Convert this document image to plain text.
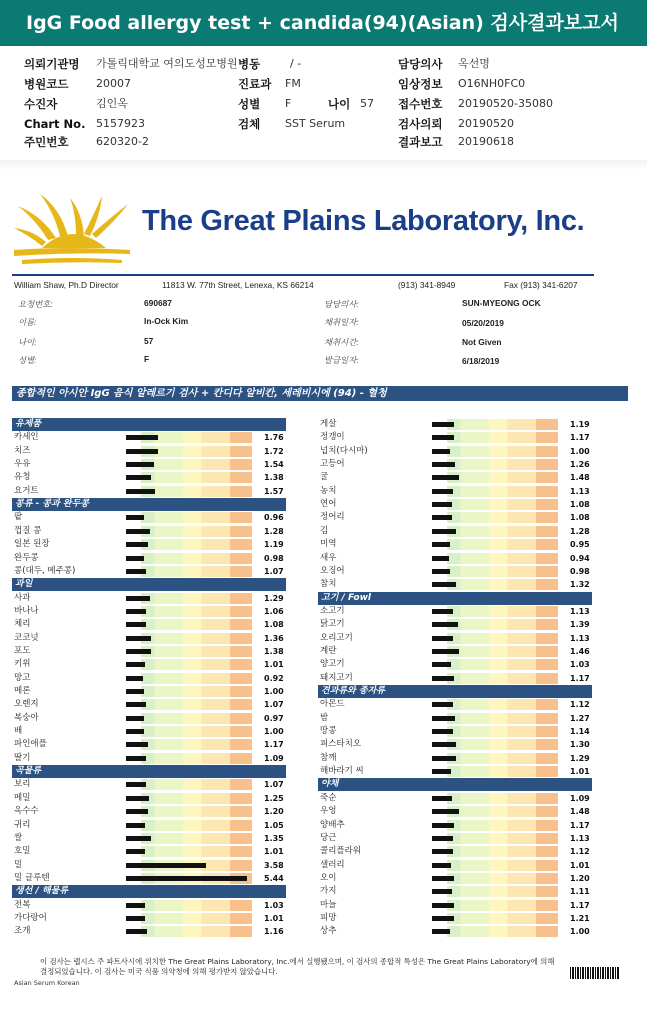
IgG Food allergy test + candida(94)(Asian) 검사결과보고서
의뢰기관명 가톨릭대학교 여의도성모병원 병동	/ -	담당의사 옥선명
병원코드	20007	진료과 FM	임상정보 O16NH0FC0
수진자	김인옥	성별 F	나이 57 접수번호 20190520-35080
Chart No. 5157923	검체 SST Serum	검사의뢰 20190520
주민번호	620320-2	결과보고 20190618
The Great Plains Laboratory, Inc.
William Shaw, Ph.D Director	11813 W. 77th Street, Lenexa, KS 66214	(913) 341-8949	Fax (913) 341-6207
요청번호:	690687
이름:	In-Ock Kim
나이:	57
성별:	F
담당의사:	SUN-MYEONG OCK
채취일자:	05/20/2019
채취시간:	Not Given
발급일자:	6/18/2019
종합적인 아시안 IgG 음식 알레르기 검사 + 칸디다 알비칸, 세레비시에 (94) - 혈청
유제품
카세인	1.76
치즈	1.72
우유	1.54
유청	1.38
요거트	1.57
콩류 - 콩과 완두콩
팥	0.96
껍질 콩	1.28
일본 된장	1.19
완두콩	0.98
콩(대두, 메주콩)	1.07
과일
사과	1.29
바나나	1.06
체리	1.08
코코넛	1.36
포도	1.38
키위	1.01
망고	0.92
메론	1.00
오렌지	1.07
복숭아	0.97
배	1.00
파인애플	1.17
딸기	1.09
곡물류
보리	1.07
메밀	1.25
옥수수	1.20
귀리	1.05
쌀	1.35
호밀	1.01
밀	3.58
밀 글루텐	5.44
생선 / 해물류
전복	1.03
가다랑어	1.01
조개	1.16
게살	1.19
정갱이	1.17
넙치(다시마)	1.00
고등어	1.26
굴	1.48
농치	1.13
연어	1.08
정어리	1.08
김	1.28
미역	0.95
새우	0.94
오징어	0.98
참치	1.32
고기 / Fowl
소고기	1.13
닭고기	1.39
오리고기	1.13
계란	1.46
양고기	1.03
돼지고기	1.17
견과류와 종자류
아몬드	1.12
밤	1.27
땅콩	1.14
피스타치오	1.30
참깨	1.29
해바라기 씨	1.01
야채
죽순	1.09
우엉	1.48
양배추	1.17
당근	1.13
콜리플라워	1.12
샐러리	1.01
오이	1.20
가지	1.11
마늘	1.17
피망	1.21
상추	1.00
이 검사는 랩시스 주 파트사시에 위치한 The Great Plains Laboratory, Inc.에서 실행됐으며, 이 검사의 종합적 특성은 The Great Plains Laboratory에 의해 결정되었습니다. 이 검사는 미국 식품 의약청에 의해 평가받지 않았습니다.
Asian Serum Korean
